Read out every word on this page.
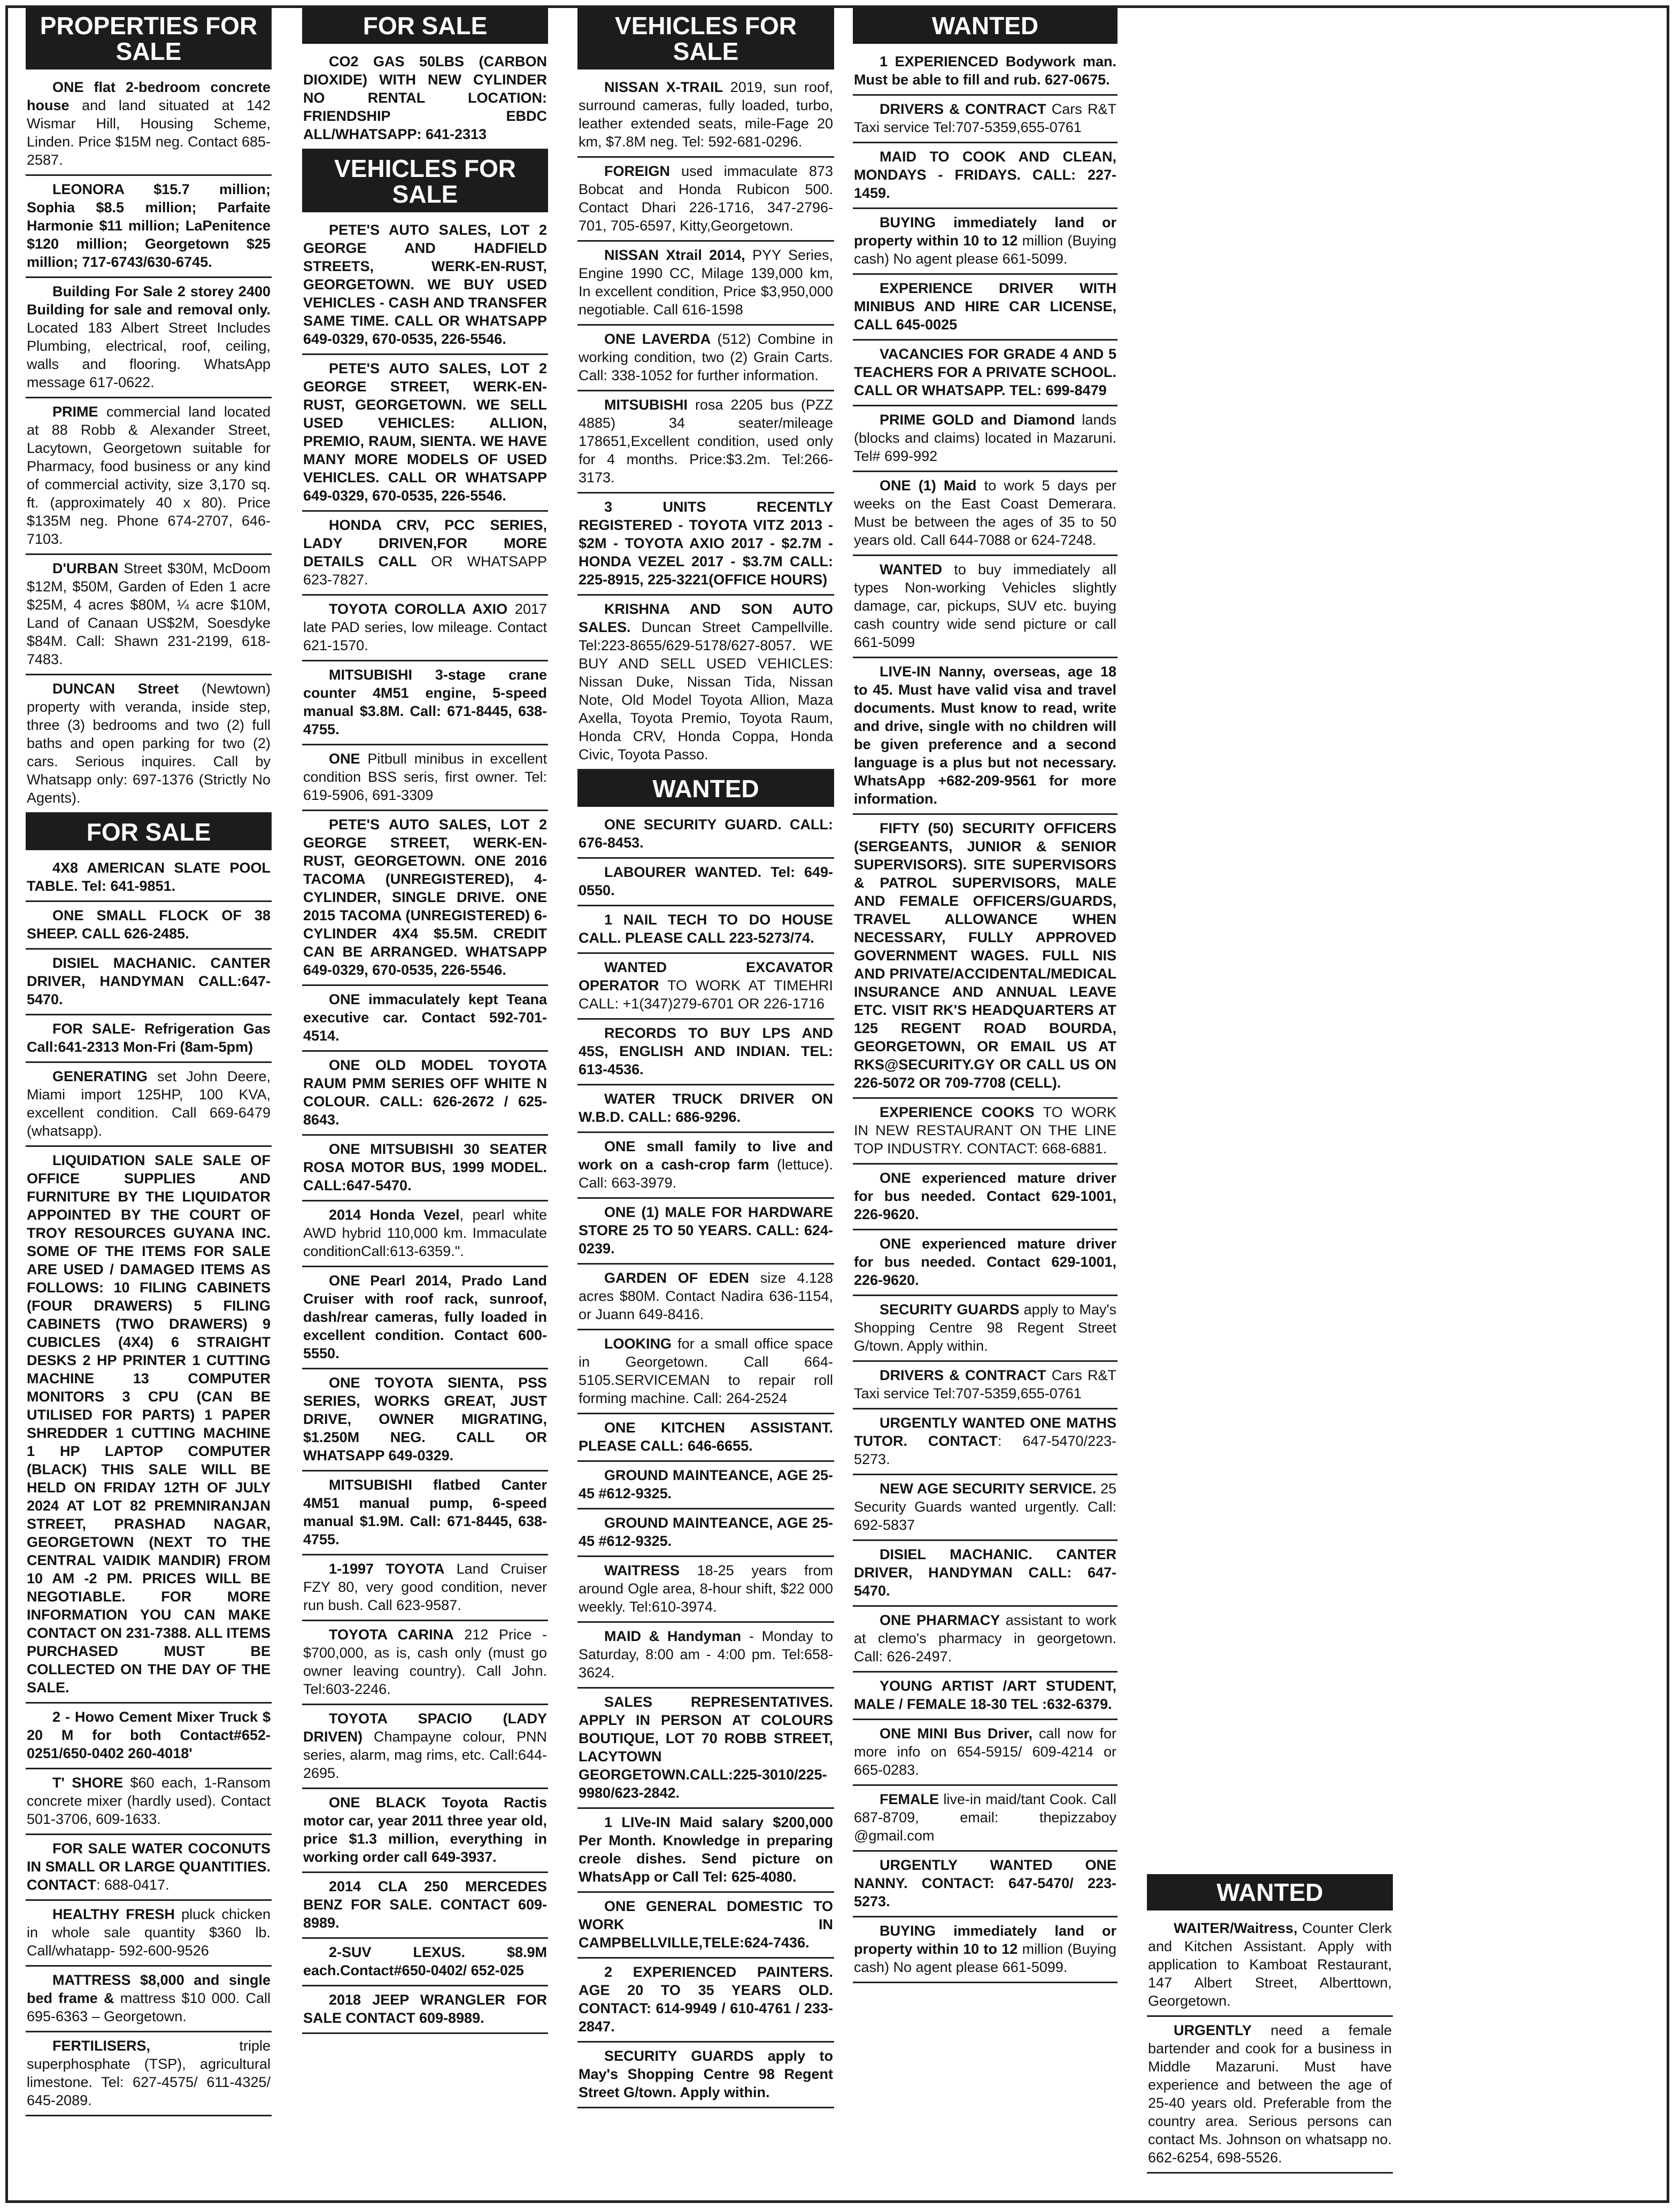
PROPERTIES FOR SALE
ONE flat 2-bedroom concrete house and land situated at 142 Wismar Hill, Housing Scheme, Linden. Price $15M neg. Contact 685-2587.
LEONORA $15.7 million; Sophia $8.5 million; Parfaite Harmonie $11 million; LaPenitence $120 million; Georgetown $25 million; 717-6743/630-6745.
Building For Sale 2 storey 2400 Building for sale and removal only. Located 183 Albert Street Includes Plumbing, electrical, roof, ceiling, walls and flooring. WhatsApp message 617-0622.
PRIME commercial land located at 88 Robb & Alexander Street, Lacytown, Georgetown suitable for Pharmacy, food business or any kind of commercial activity, size 3,170 sq. ft. (approximately 40 x 80). Price $135M neg. Phone 674-2707, 646-7103.
D'URBAN Street $30M, McDoom $12M, $50M, Garden of Eden 1 acre $25M, 4 acres $80M, ¼ acre $10M, Land of Canaan US$2M, Soesdyke $84M. Call: Shawn 231-2199, 618-7483.
DUNCAN Street (Newtown) property with veranda, inside step, three (3) bedrooms and two (2) full baths and open parking for two (2) cars. Serious inquires. Call by Whatsapp only: 697-1376 (Strictly No Agents).
FOR SALE
4X8 AMERICAN SLATE POOL TABLE. Tel: 641-9851.
ONE SMALL FLOCK OF 38 SHEEP. CALL 626-2485.
DISIEL MACHANIC. CANTER DRIVER, HANDYMAN CALL:647-5470.
FOR SALE- Refrigeration Gas Call:641-2313 Mon-Fri (8am-5pm)
GENERATING set John Deere, Miami import 125HP, 100 KVA, excellent condition. Call 669-6479 (whatsapp).
LIQUIDATION SALE SALE OF OFFICE SUPPLIES AND FURNITURE BY THE LIQUIDATOR APPOINTED BY THE COURT OF TROY RESOURCES GUYANA INC. SOME OF THE ITEMS FOR SALE ARE USED / DAMAGED ITEMS AS FOLLOWS: 10 FILING CABINETS (FOUR DRAWERS) 5 FILING CABINETS (TWO DRAWERS) 9 CUBICLES (4X4) 6 STRAIGHT DESKS 2 HP PRINTER 1 CUTTING MACHINE 13 COMPUTER MONITORS 3 CPU (CAN BE UTILISED FOR PARTS) 1 PAPER SHREDDER 1 CUTTING MACHINE 1 HP LAPTOP COMPUTER (BLACK) THIS SALE WILL BE HELD ON FRIDAY 12TH OF JULY 2024 AT LOT 82 PREMNIRANJAN STREET, PRASHAD NAGAR, GEORGETOWN (NEXT TO THE CENTRAL VAIDIK MANDIR) FROM 10 AM -2 PM. PRICES WILL BE NEGOTIABLE. FOR MORE INFORMATION YOU CAN MAKE CONTACT ON 231-7388. ALL ITEMS PURCHASED MUST BE COLLECTED ON THE DAY OF THE SALE.
2 - Howo Cement Mixer Truck $ 20 M for both Contact#652-0251/650-0402 260-4018'
T' SHORE $60 each, 1-Ransom concrete mixer (hardly used). Contact 501-3706, 609-1633.
FOR SALE WATER COCONUTS IN SMALL OR LARGE QUANTITIES. CONTACT: 688-0417.
HEALTHY FRESH pluck chicken in whole sale quantity $360 lb. Call/whatapp- 592-600-9526
MATTRESS $8,000 and single bed frame & mattress $10 000. Call 695-6363 – Georgetown.
FERTILISERS, triple superphosphate (TSP), agricultural limestone. Tel: 627-4575/ 611-4325/ 645-2089.
FOR SALE
CO2 GAS 50LBS (CARBON DIOXIDE) WITH NEW CYLINDER NO RENTAL LOCATION: FRIENDSHIP EBDC ALL/WHATSAPP: 641-2313
VEHICLES FOR SALE
PETE'S AUTO SALES, LOT 2 GEORGE AND HADFIELD STREETS, WERK-EN-RUST, GEORGETOWN. WE BUY USED VEHICLES - CASH AND TRANSFER SAME TIME. CALL OR WHATSAPP 649-0329, 670-0535, 226-5546.
PETE'S AUTO SALES, LOT 2 GEORGE STREET, WERK-EN-RUST, GEORGETOWN. WE SELL USED VEHICLES: ALLION, PREMIO, RAUM, SIENTA. WE HAVE MANY MORE MODELS OF USED VEHICLES. CALL OR WHATSAPP 649-0329, 670-0535, 226-5546.
HONDA CRV, PCC SERIES, LADY DRIVEN,FOR MORE DETAILS CALL OR WHATSAPP 623-7827.
TOYOTA COROLLA AXIO 2017 late PAD series, low mileage. Contact 621-1570.
MITSUBISHI 3-stage crane counter 4M51 engine, 5-speed manual $3.8M. Call: 671-8445, 638-4755.
ONE Pitbull minibus in excellent condition BSS seris, first owner. Tel: 619-5906, 691-3309
PETE'S AUTO SALES, LOT 2 GEORGE STREET, WERK-EN-RUST, GEORGETOWN. ONE 2016 TACOMA (UNREGISTERED), 4-CYLINDER, SINGLE DRIVE. ONE 2015 TACOMA (UNREGISTERED) 6-CYLINDER 4X4 $5.5M. CREDIT CAN BE ARRANGED. WHATSAPP 649-0329, 670-0535, 226-5546.
ONE immaculately kept Teana executive car. Contact 592-701-4514.
ONE OLD MODEL TOYOTA RAUM PMM SERIES OFF WHITE N COLOUR. CALL: 626-2672 / 625-8643.
ONE MITSUBISHI 30 SEATER ROSA MOTOR BUS, 1999 MODEL. CALL:647-5470.
2014 Honda Vezel, pearl white AWD hybrid 110,000 km. Immaculate conditionCall:613-6359.".
ONE Pearl 2014, Prado Land Cruiser with roof rack, sunroof, dash/rear cameras, fully loaded in excellent condition. Contact 600-5550.
ONE TOYOTA SIENTA, PSS SERIES, WORKS GREAT, JUST DRIVE, OWNER MIGRATING, $1.250M NEG. CALL OR WHATSAPP 649-0329.
MITSUBISHI flatbed Canter 4M51 manual pump, 6-speed manual $1.9M. Call: 671-8445, 638-4755.
1-1997 TOYOTA Land Cruiser FZY 80, very good condition, never run bush. Call 623-9587.
TOYOTA CARINA 212 Price - $700,000, as is, cash only (must go owner leaving country). Call John. Tel:603-2246.
TOYOTA SPACIO (LADY DRIVEN) Champayne colour, PNN series, alarm, mag rims, etc. Call:644-2695.
ONE BLACK Toyota Ractis motor car, year 2011 three year old, price $1.3 million, everything in working order call 649-3937.
2014 CLA 250 MERCEDES BENZ FOR SALE. CONTACT 609-8989.
2-SUV LEXUS. $8.9M each.Contact#650-0402/ 652-025
2018 JEEP WRANGLER FOR SALE CONTACT 609-8989.
VEHICLES FOR SALE
NISSAN X-TRAIL 2019, sun roof, surround cameras, fully loaded, turbo, leather extended seats, mile-Fage 20 km, $7.8M neg. Tel: 592-681-0296.
FOREIGN used immaculate 873 Bobcat and Honda Rubicon 500. Contact Dhari 226-1716, 347-2796-701, 705-6597, Kitty,Georgetown.
NISSAN Xtrail 2014, PYY Series, Engine 1990 CC, Milage 139,000 km, In excellent condition, Price $3,950,000 negotiable. Call 616-1598
ONE LAVERDA (512) Combine in working condition, two (2) Grain Carts. Call: 338-1052 for further information.
MITSUBISHI rosa 2205 bus (PZZ 4885) 34 seater/mileage 178651,Excellent condition, used only for 4 months. Price:$3.2m. Tel:266-3173.
3 UNITS RECENTLY REGISTERED - TOYOTA VITZ 2013 - $2M - TOYOTA AXIO 2017 - $2.7M - HONDA VEZEL 2017 - $3.7M CALL: 225-8915, 225-3221(OFFICE HOURS)
KRISHNA AND SON AUTO SALES. Duncan Street Campellville. Tel:223-8655/629-5178/627-8057. WE BUY AND SELL USED VEHICLES: Nissan Duke, Nissan Tida, Nissan Note, Old Model Toyota Allion, Maza Axella, Toyota Premio, Toyota Raum, Honda CRV, Honda Coppa, Honda Civic, Toyota Passo.
WANTED
ONE SECURITY GUARD. CALL: 676-8453.
LABOURER WANTED. Tel: 649-0550.
1 NAIL TECH TO DO HOUSE CALL. PLEASE CALL 223-5273/74.
WANTED EXCAVATOR OPERATOR TO WORK AT TIMEHRI CALL: +1(347)279-6701 OR 226-1716
RECORDS TO BUY LPS AND 45S, ENGLISH AND INDIAN. TEL: 613-4536.
WATER TRUCK DRIVER ON W.B.D. CALL: 686-9296.
ONE small family to live and work on a cash-crop farm (lettuce). Call: 663-3979.
ONE (1) MALE FOR HARDWARE STORE 25 TO 50 YEARS. CALL: 624-0239.
GARDEN OF EDEN size 4.128 acres $80M. Contact Nadira 636-1154, or Juann 649-8416.
LOOKING for a small office space in Georgetown. Call 664-5105.SERVICEMAN to repair roll forming machine. Call: 264-2524
ONE KITCHEN ASSISTANT. PLEASE CALL: 646-6655.
GROUND MAINTEANCE, AGE 25-45 #612-9325.
GROUND MAINTEANCE, AGE 25-45 #612-9325.
WAITRESS 18-25 years from around Ogle area, 8-hour shift, $22 000 weekly. Tel:610-3974.
MAID & Handyman - Monday to Saturday, 8:00 am - 4:00 pm. Tel:658-3624.
SALES REPRESENTATIVES. APPLY IN PERSON AT COLOURS BOUTIQUE, LOT 70 ROBB STREET, LACYTOWN GEORGETOWN.CALL:225-3010/225-9980/623-2842.
1 LIVe-IN Maid salary $200,000 Per Month. Knowledge in preparing creole dishes. Send picture on WhatsApp or Call Tel: 625-4080.
ONE GENERAL DOMESTIC TO WORK IN CAMPBELLVILLE,TELE:624-7436.
2 EXPERIENCED PAINTERS. AGE 20 TO 35 YEARS OLD. CONTACT: 614-9949 / 610-4761 / 233-2847.
SECURITY GUARDS apply to May's Shopping Centre 98 Regent Street G/town. Apply within.
WANTED
1 EXPERIENCED Bodywork man. Must be able to fill and rub. 627-0675.
DRIVERS & CONTRACT Cars R&T Taxi service Tel:707-5359,655-0761
MAID TO COOK AND CLEAN, MONDAYS - FRIDAYS. CALL: 227-1459.
BUYING immediately land or property within 10 to 12 million (Buying cash) No agent please 661-5099.
EXPERIENCE DRIVER WITH MINIBUS AND HIRE CAR LICENSE, CALL 645-0025
VACANCIES FOR GRADE 4 AND 5 TEACHERS FOR A PRIVATE SCHOOL. CALL OR WHATSAPP. TEL: 699-8479
PRIME GOLD and Diamond lands (blocks and claims) located in Mazaruni. Tel# 699-992
ONE (1) Maid to work 5 days per weeks on the East Coast Demerara. Must be between the ages of 35 to 50 years old. Call 644-7088 or 624-7248.
WANTED to buy immediately all types Non-working Vehicles slightly damage, car, pickups, SUV etc. buying cash country wide send picture or call 661-5099
LIVE-IN Nanny, overseas, age 18 to 45. Must have valid visa and travel documents. Must know to read, write and drive, single with no children will be given preference and a second language is a plus but not necessary. WhatsApp +682-209-9561 for more information.
FIFTY (50) SECURITY OFFICERS (SERGEANTS, JUNIOR & SENIOR SUPERVISORS). SITE SUPERVISORS & PATROL SUPERVISORS, MALE AND FEMALE OFFICERS/GUARDS, TRAVEL ALLOWANCE WHEN NECESSARY, FULLY APPROVED GOVERNMENT WAGES. FULL NIS AND PRIVATE/ACCIDENTAL/MEDICAL INSURANCE AND ANNUAL LEAVE ETC. VISIT RK'S HEADQUARTERS AT 125 REGENT ROAD BOURDA, GEORGETOWN, OR EMAIL US AT RKS@SECURITY.GY OR CALL US ON 226-5072 OR 709-7708 (CELL).
EXPERIENCE COOKS TO WORK IN NEW RESTAURANT ON THE LINE TOP INDUSTRY. CONTACT: 668-6881.
ONE experienced mature driver for bus needed. Contact 629-1001, 226-9620.
ONE experienced mature driver for bus needed. Contact 629-1001, 226-9620.
SECURITY GUARDS apply to May's Shopping Centre 98 Regent Street G/town. Apply within.
DRIVERS & CONTRACT Cars R&T Taxi service Tel:707-5359,655-0761
URGENTLY WANTED ONE MATHS TUTOR. CONTACT: 647-5470/223-5273.
NEW AGE SECURITY SERVICE. 25 Security Guards wanted urgently. Call: 692-5837
DISIEL MACHANIC. CANTER DRIVER, HANDYMAN CALL: 647-5470.
ONE PHARMACY assistant to work at clemo's pharmacy in georgetown. Call: 626-2497.
YOUNG ARTIST /ART STUDENT, MALE / FEMALE 18-30 TEL :632-6379.
ONE MINI Bus Driver, call now for more info on 654-5915/ 609-4214 or 665-0283.
FEMALE live-in maid/tant Cook. Call 687-8709, email: thepizzaboy @gmail.com
URGENTLY WANTED ONE NANNY. CONTACT: 647-5470/ 223-5273.
BUYING immediately land or property within 10 to 12 million (Buying cash) No agent please 661-5099.
WANTED
WAITER/Waitress, Counter Clerk and Kitchen Assistant. Apply with application to Kamboat Restaurant, 147 Albert Street, Alberttown, Georgetown.
URGENTLY need a female bartender and cook for a business in Middle Mazaruni. Must have experience and between the age of 25-40 years old. Preferable from the country area. Serious persons can contact Ms. Johnson on whatsapp no. 662-6254, 698-5526.
